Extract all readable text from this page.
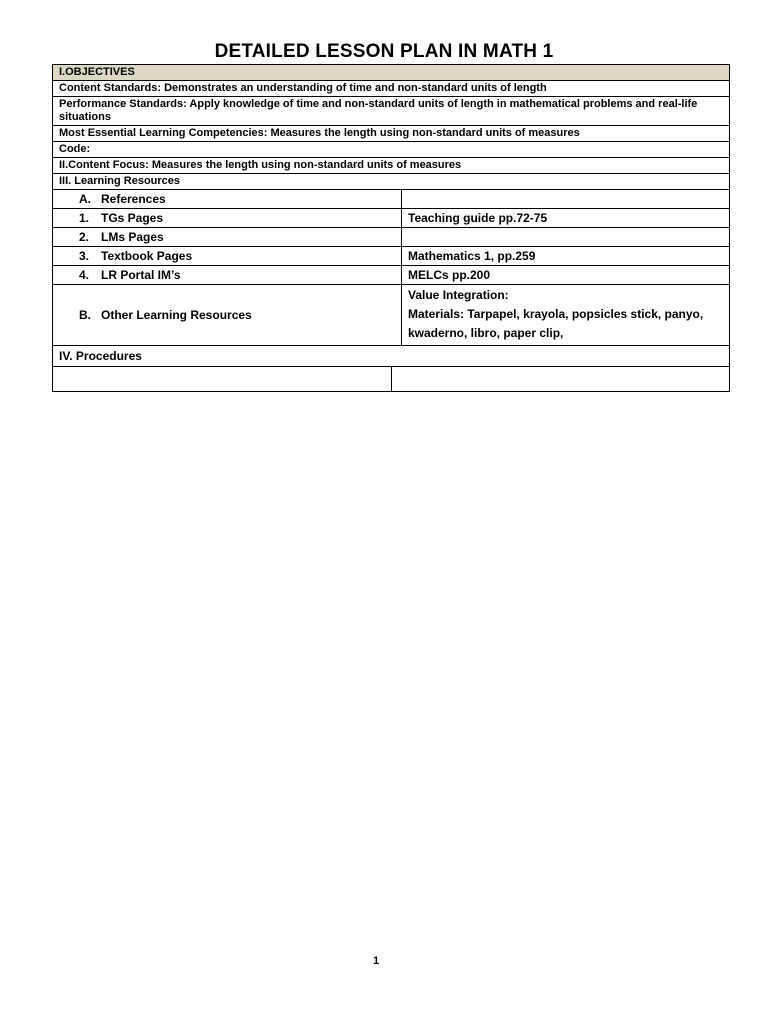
DETAILED LESSON PLAN IN MATH 1
I.OBJECTIVES
Content Standards: Demonstrates an understanding of time and non-standard units of length
Performance Standards: Apply knowledge of time and non-standard units of length in mathematical problems and real-life situations
Most Essential Learning Competencies: Measures the length using non-standard units of measures
Code:
II.Content Focus: Measures the length using non-standard units of measures
III. Learning Resources
A. References	
1. TGs Pages	Teaching guide pp.72-75
2. LMs Pages	
3. Textbook Pages	Mathematics 1, pp.259
4. LR Portal IM’s	MELCs pp.200
B. Other Learning Resources	Value Integration:
Materials: Tarpapel, krayola, popsicles stick, panyo, kwaderno, libro, paper clip,
IV. Procedures

1
